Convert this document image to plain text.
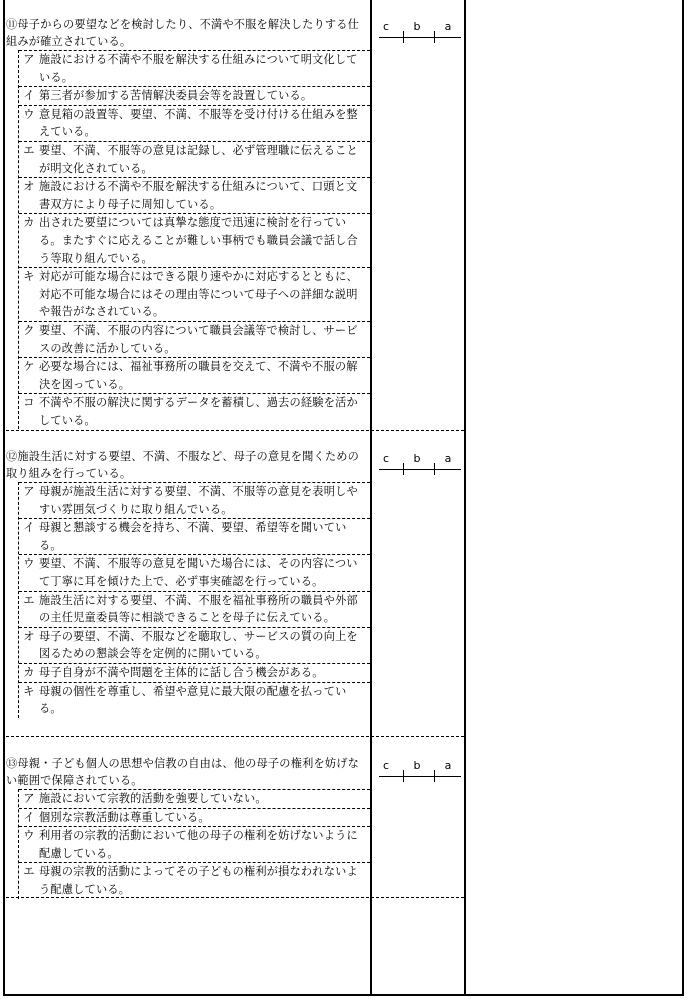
⑪母子からの要望などを検討したり、不満や不服を解決したりする仕組みが確立されている。
ア 施設における不満や不服を解決する仕組みについて明文化している。
イ 第三者が参加する苦情解決委員会等を設置している。
ウ 意見箱の設置等、要望、不満、不服等を受け付ける仕組みを整えている。
エ 要望、不満、不服等の意見は記録し、必ず管理職に伝えることが明文化されている。
オ 施設における不満や不服を解決する仕組みについて、口頭と文書双方により母子に周知している。
カ 出された要望については真摯な態度で迅速に検討を行っている。またすぐに応えることが難しい事柄でも職員会議で話し合う等取り組んでいる。
キ 対応が可能な場合にはできる限り速やかに対応するとともに、対応不可能な場合にはその理由等について母子への詳細な説明や報告がなされている。
ク 要望、不満、不服の内容について職員会議等で検討し、サービスの改善に活かしている。
ケ 必要な場合には、福祉事務所の職員を交えて、不満や不服の解決を図っている。
コ 不満や不服の解決に関するデータを蓄積し、過去の経験を活かしている。
c	b	a
⑫施設生活に対する要望、不満、不服など、母子の意見を聞くための取り組みを行っている。
ア 母親が施設生活に対する要望、不満、不服等の意見を表明しやすい雰囲気づくりに取り組んでいる。
イ 母親と懇談する機会を持ち、不満、要望、希望等を聞いている。
ウ 要望、不満、不服等の意見を聞いた場合には、その内容について丁寧に耳を傾けた上で、必ず事実確認を行っている。
エ 施設生活に対する要望、不満、不服を福祉事務所の職員や外部の主任児童委員等に相談できることを母子に伝えている。
オ 母子の要望、不満、不服などを聴取し、サービスの質の向上を図るための懇談会等を定例的に開いている。
カ 母子自身が不満や問題を主体的に話し合う機会がある。
キ 母親の個性を尊重し、希望や意見に最大限の配慮を払っている。
c	b	a
⑬母親・子ども個人の思想や信教の自由は、他の母子の権利を妨げない範囲で保障されている。
ア 施設において宗教的活動を強要していない。
イ 個別な宗教活動は尊重している。
ウ 利用者の宗教的活動において他の母子の権利を妨げないように配慮している。
エ 母親の宗教的活動によってその子どもの権利が損なわれないよう配慮している。
c	b	a
